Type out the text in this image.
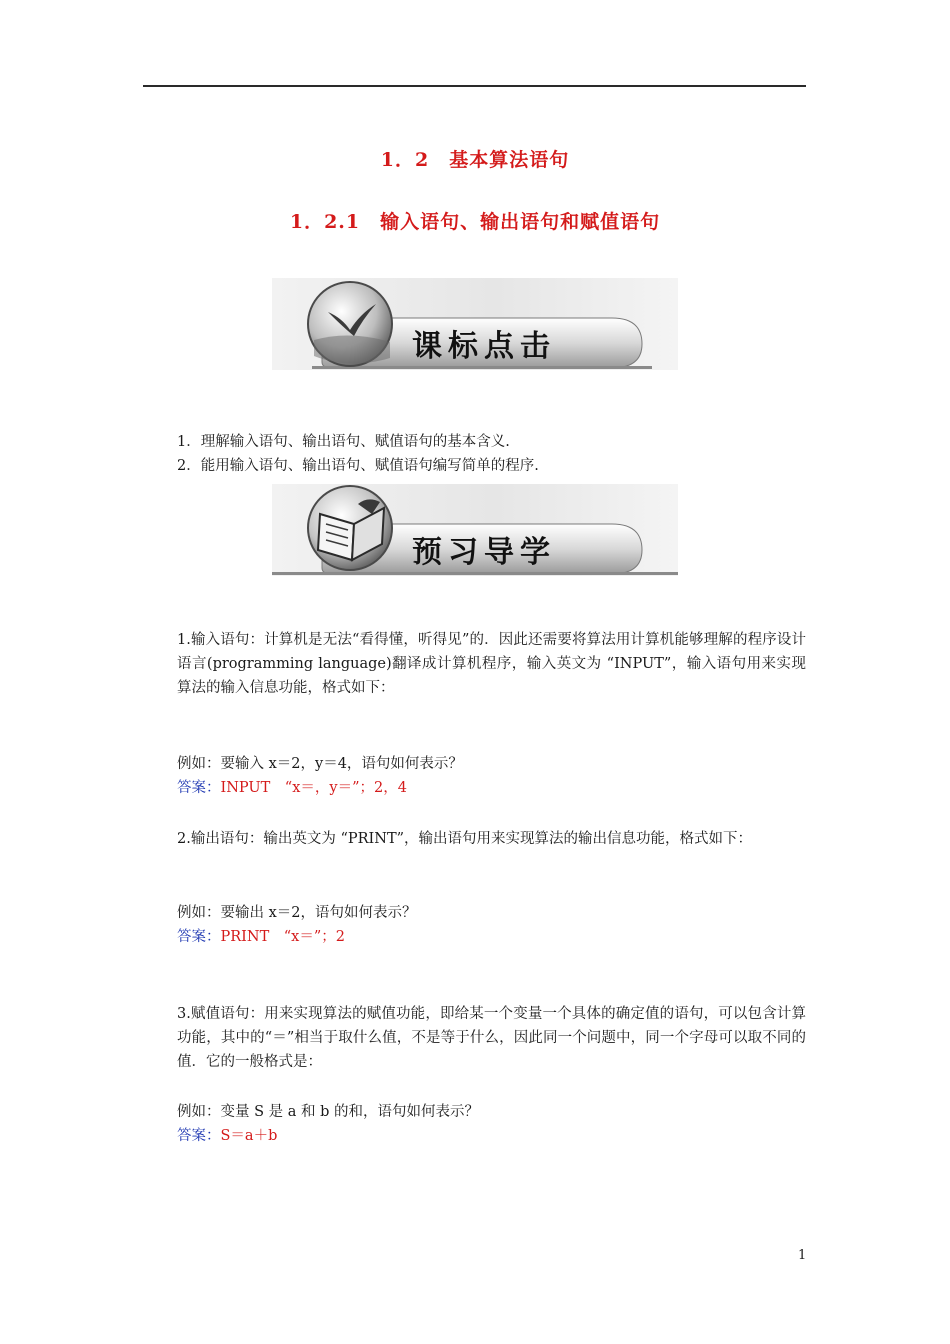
1．2　基本算法语句
1．2.1　输入语句、输出语句和赋值语句
课标点击
1．理解输入语句、输出语句、赋值语句的基本含义.
2．能用输入语句、输出语句、赋值语句编写简单的程序.
预习导学
1.输入语句：计算机是无法“看得懂，听得见”的．因此还需要将算法用计算机能够理解的程序设计语言(programming language)翻译成计算机程序，输入英文为 “INPUT”，输入语句用来实现算法的输入信息功能，格式如下：
例如：要输入 x＝2，y＝4，语句如何表示？
答案：INPUT　“x＝，y＝”；2，4
2.输出语句：输出英文为 “PRINT”，输出语句用来实现算法的输出信息功能，格式如下：
例如：要输出 x＝2，语句如何表示？
答案：PRINT　“x＝”；2
3.赋值语句：用来实现算法的赋值功能，即给某一个变量一个具体的确定值的语句，可以包含计算功能，其中的“＝”相当于取什么值，不是等于什么，因此同一个问题中，同一个字母可以取不同的值．它的一般格式是：
例如：变量 S 是 a 和 b 的和，语句如何表示？
答案：S＝a＋b
1
